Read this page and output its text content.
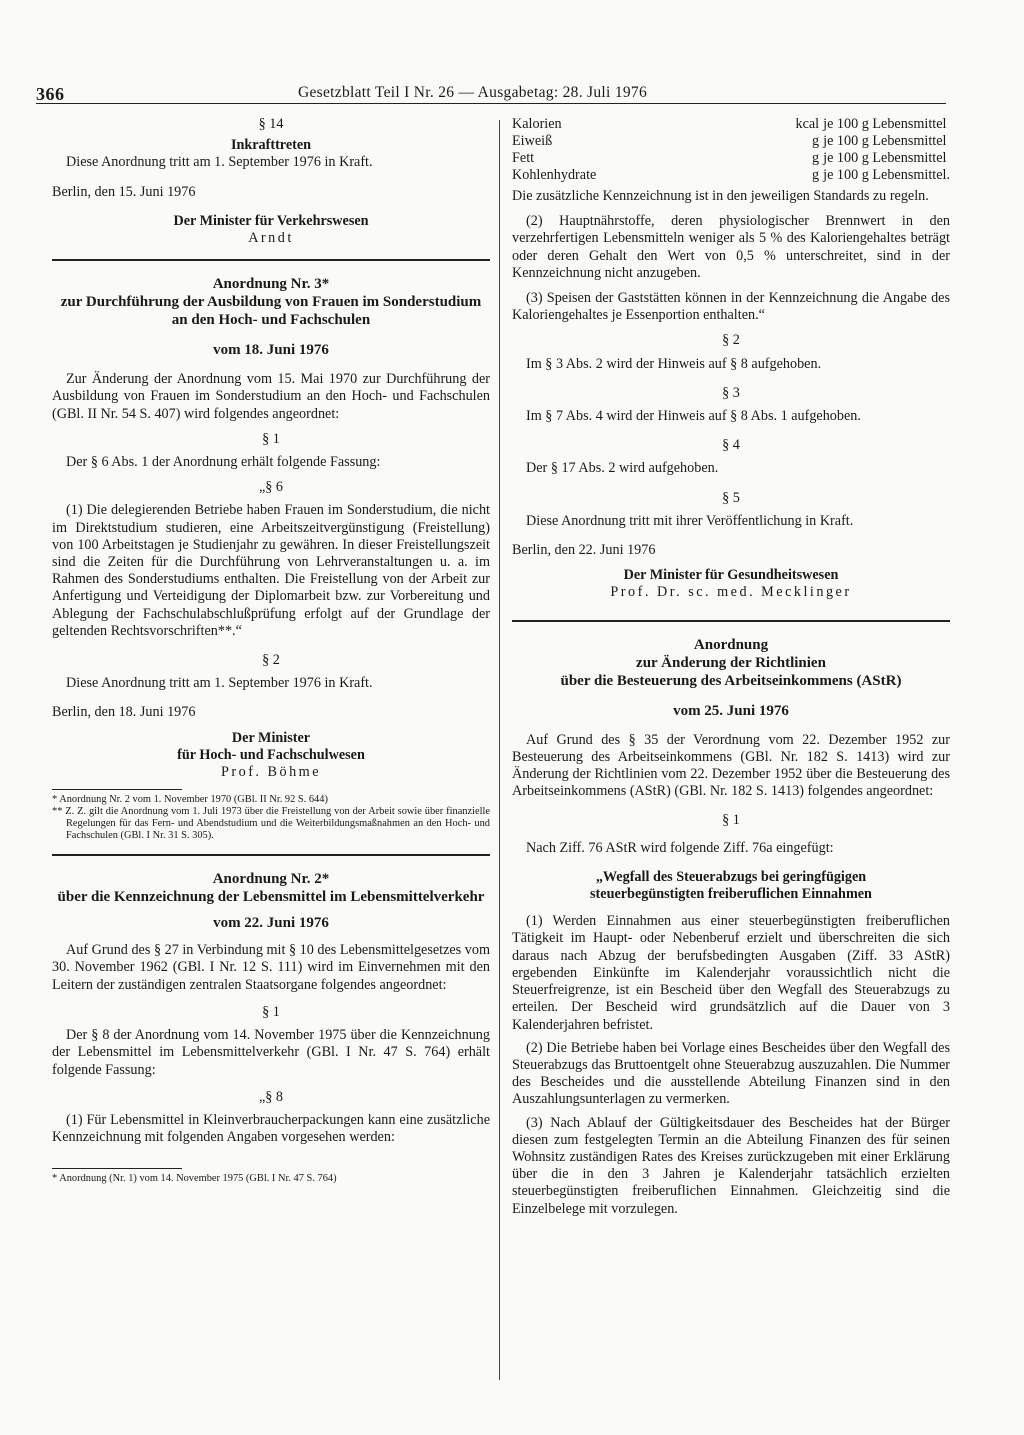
366	Gesetzblatt Teil I Nr. 26 — Ausgabetag: 28. Juli 1976

§ 14

Inkrafttreten

Diese Anordnung tritt am 1. September 1976 in Kraft.

Berlin, den 15. Juni 1976

Der Minister für Verkehrswesen

Arndt

Anordnung Nr. 3*

zur Durchführung der Ausbildung von Frauen im Sonderstudium an den Hoch- und Fachschulen

vom 18. Juni 1976

Zur Änderung der Anordnung vom 15. Mai 1970 zur Durchführung der Ausbildung von Frauen im Sonderstudium an den Hoch- und Fachschulen (GBl. II Nr. 54 S. 407) wird folgendes angeordnet:

§ 1

Der § 6 Abs. 1 der Anordnung erhält folgende Fassung:

„§ 6

(1) Die delegierenden Betriebe haben Frauen im Sonderstudium, die nicht im Direktstudium studieren, eine Arbeitszeitvergünstigung (Freistellung) von 100 Arbeitstagen je Studienjahr zu gewähren. In dieser Freistellungszeit sind die Zeiten für die Durchführung von Lehrveranstaltungen u. a. im Rahmen des Sonderstudiums enthalten. Die Freistellung von der Arbeit zur Anfertigung und Verteidigung der Diplomarbeit bzw. zur Vorbereitung und Ablegung der Fachschulabschlußprüfung erfolgt auf der Grundlage der geltenden Rechtsvorschriften**.“

§ 2

Diese Anordnung tritt am 1. September 1976 in Kraft.

Berlin, den 18. Juni 1976

Der Minister

für Hoch- und Fachschulwesen

Prof. Böhme

* Anordnung Nr. 2 vom 1. November 1970 (GBl. II Nr. 92 S. 644)

** Z. Z. gilt die Anordnung vom 1. Juli 1973 über die Freistellung von der Arbeit sowie über finanzielle Regelungen für das Fern- und Abendstudium und die Weiterbildungsmaßnahmen an den Hoch- und Fachschulen (GBl. I Nr. 31 S. 305).

Anordnung Nr. 2*

über die Kennzeichnung der Lebensmittel im Lebensmittelverkehr

vom 22. Juni 1976

Auf Grund des § 27 in Verbindung mit § 10 des Lebensmittelgesetzes vom 30. November 1962 (GBl. I Nr. 12 S. 111) wird im Einvernehmen mit den Leitern der zuständigen zentralen Staatsorgane folgendes angeordnet:

§ 1

Der § 8 der Anordnung vom 14. November 1975 über die Kennzeichnung der Lebensmittel im Lebensmittelverkehr (GBl. I Nr. 47 S. 764) erhält folgende Fassung:

„§ 8

(1) Für Lebensmittel in Kleinverbraucherpackungen kann eine zusätzliche Kennzeichnung mit folgenden Angaben vorgesehen werden:

* Anordnung (Nr. 1) vom 14. November 1975 (GBl. I Nr. 47 S. 764)

Kalorien	kcal	je 100 g Lebensmittel
Eiweiß	g	je 100 g Lebensmittel
Fett	g	je 100 g Lebensmittel
Kohlenhydrate	g	je 100 g Lebensmittel.

Die zusätzliche Kennzeichnung ist in den jeweiligen Standards zu regeln.

(2) Hauptnährstoffe, deren physiologischer Brennwert in den verzehrfertigen Lebensmitteln weniger als 5 % des Kaloriengehaltes beträgt oder deren Gehalt den Wert von 0,5 % unterschreitet, sind in der Kennzeichnung nicht anzugeben.

(3) Speisen der Gaststätten können in der Kennzeichnung die Angabe des Kaloriengehaltes je Essenportion enthalten.“

§ 2

Im § 3 Abs. 2 wird der Hinweis auf § 8 aufgehoben.

§ 3

Im § 7 Abs. 4 wird der Hinweis auf § 8 Abs. 1 aufgehoben.

§ 4

Der § 17 Abs. 2 wird aufgehoben.

§ 5

Diese Anordnung tritt mit ihrer Veröffentlichung in Kraft.

Berlin, den 22. Juni 1976

Der Minister für Gesundheitswesen

Prof. Dr. sc. med. Mecklinger

Anordnung

zur Änderung der Richtlinien

über die Besteuerung des Arbeitseinkommens (AStR)

vom 25. Juni 1976

Auf Grund des § 35 der Verordnung vom 22. Dezember 1952 zur Besteuerung des Arbeitseinkommens (GBl. Nr. 182 S. 1413) wird zur Änderung der Richtlinien vom 22. Dezember 1952 über die Besteuerung des Arbeitseinkommens (AStR) (GBl. Nr. 182 S. 1413) folgendes angeordnet:

§ 1

Nach Ziff. 76 AStR wird folgende Ziff. 76a eingefügt:

„Wegfall des Steuerabzugs bei geringfügigen steuerbegünstigten freiberuflichen Einnahmen

(1) Werden Einnahmen aus einer steuerbegünstigten freiberuflichen Tätigkeit im Haupt- oder Nebenberuf erzielt und überschreiten die sich daraus nach Abzug der berufsbedingten Ausgaben (Ziff. 33 AStR) ergebenden Einkünfte im Kalenderjahr voraussichtlich nicht die Steuerfreigrenze, ist ein Bescheid über den Wegfall des Steuerabzugs zu erteilen. Der Bescheid wird grundsätzlich auf die Dauer von 3 Kalenderjahren befristet.

(2) Die Betriebe haben bei Vorlage eines Bescheides über den Wegfall des Steuerabzugs das Bruttoentgelt ohne Steuerabzug auszuzahlen. Die Nummer des Bescheides und die ausstellende Abteilung Finanzen sind in den Auszahlungsunterlagen zu vermerken.

(3) Nach Ablauf der Gültigkeitsdauer des Bescheides hat der Bürger diesen zum festgelegten Termin an die Abteilung Finanzen des für seinen Wohnsitz zuständigen Rates des Kreises zurückzugeben mit einer Erklärung über die in den 3 Jahren je Kalenderjahr tatsächlich erzielten steuerbegünstigten freiberuflichen Einnahmen. Gleichzeitig sind die Einzelbelege mit vorzulegen.
